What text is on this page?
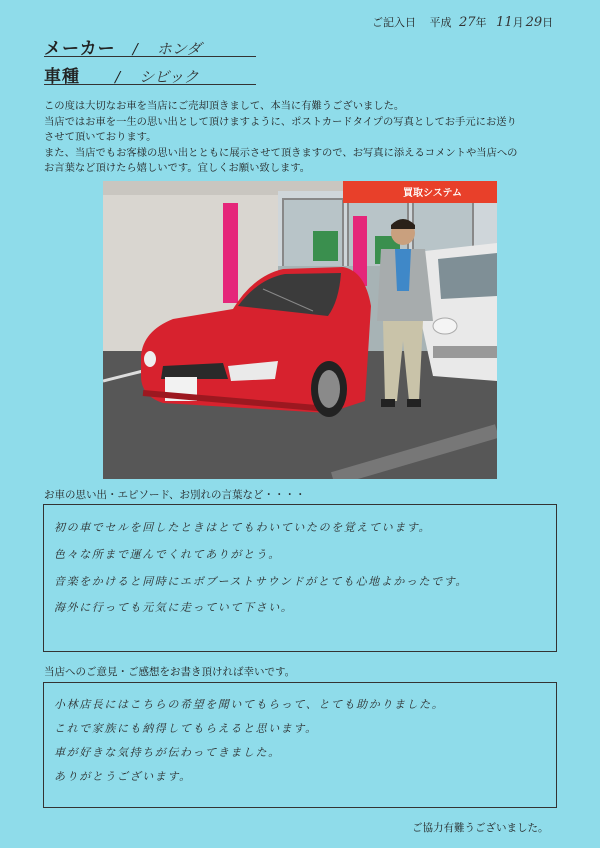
ご記入日 平成 27年 11月 29日
メーカー / ホンダ
車種 / シビック

この度は大切なお車を当店にご売却頂きまして、本当に有難うございました。

当店ではお車を一生の思い出として頂けますように、ポストカードタイプの写真としてお手元にお送り

させて頂いております。

また、当店でもお客様の思い出とともに展示させて頂きますので、お写真に添えるコメントや当店への

お言葉など頂けたら嬉しいです。宜しくお願い致します。

買取システム
お車の思い出・エピソード、お別れの言葉など・・・・
初の車でセルを回したときはとてもわいていたのを覚えています。
色々な所まで運んでくれてありがとう。
音楽をかけると同時にエボブーストサウンドがとても心地よかったです。
海外に行っても元気に走っていて下さい。
当店へのご意見・ご感想をお書き頂ければ幸いです。
小林店長にはこちらの希望を聞いてもらって、とても助かりました。
これで家族にも納得してもらえると思います。
車が好きな気持ちが伝わってきました。
ありがとうございます。
ご協力有難うございました。
